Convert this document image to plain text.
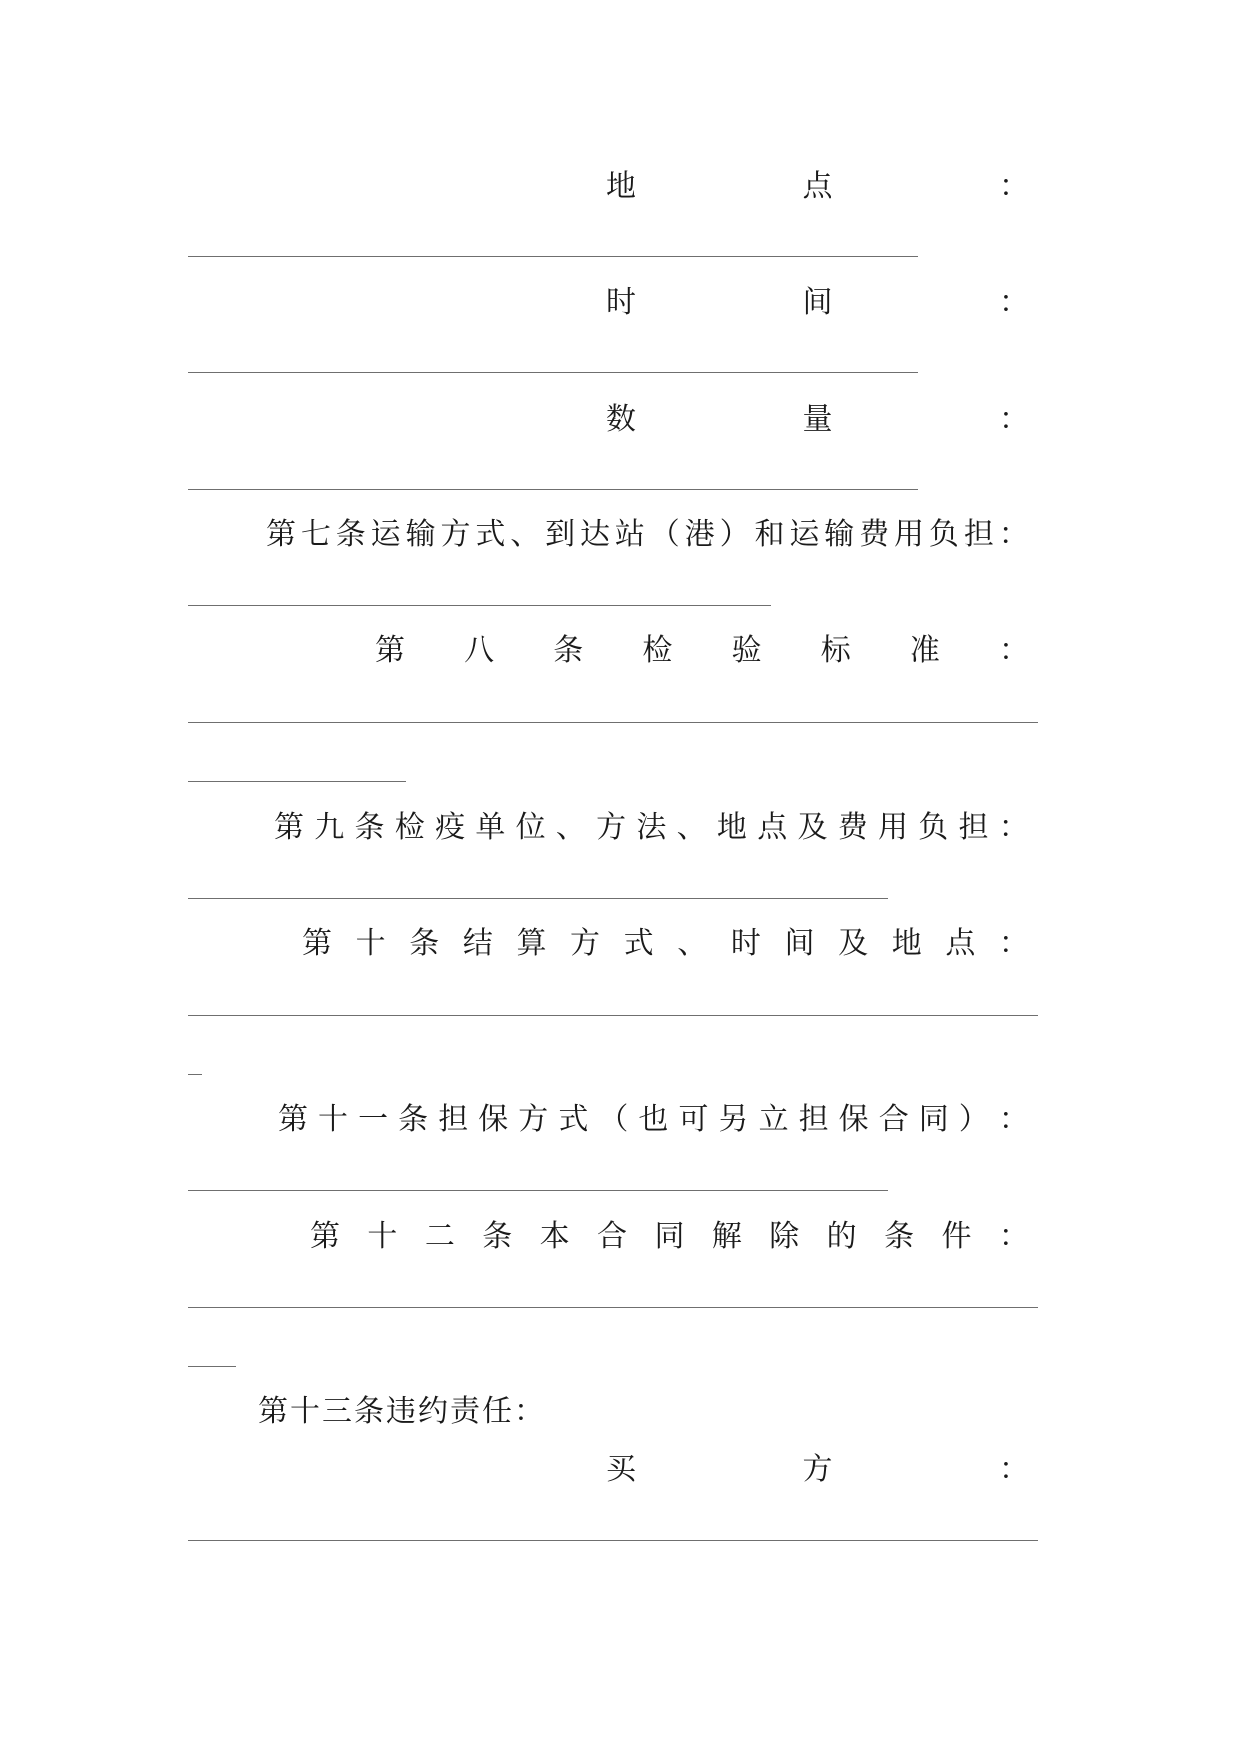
地	点	：
时	间	：
数	量	：
第 七 条 运 输 方 式 、 到 达 站 （ 港 ） 和 运 输 费 用 负 担 ：
第 八 条 检 验 标 准 ：
第 九 条 检 疫 单 位 、 方 法 、 地 点 及 费 用 负 担 ：
第 十 条 结 算 方 式 、 时 间 及 地 点 ：
第 十 一 条 担 保 方 式 （ 也 可 另 立 担 保 合 同 ） ：
第 十 二 条 本 合 同 解 除 的 条 件 ：
第十三条违约责任：
买	方	：
